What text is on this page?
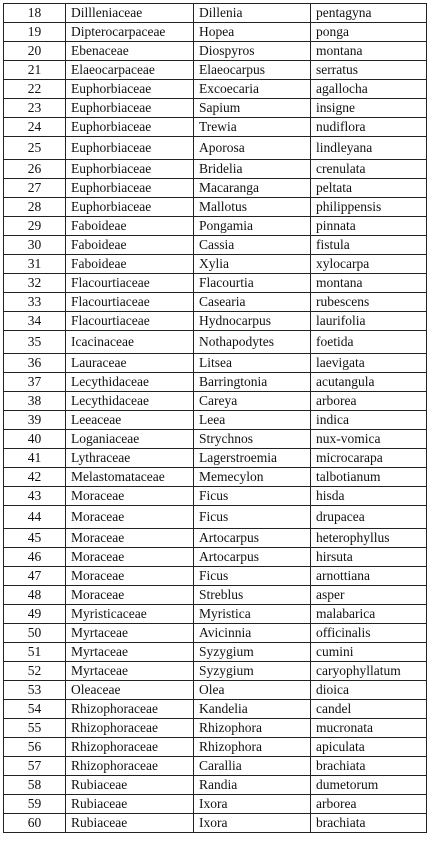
18	Dillleniaceae	Dillenia	pentagyna
19	Dipterocarpaceae	Hopea	ponga
20	Ebenaceae	Diospyros	montana
21	Elaeocarpaceae	Elaeocarpus	serratus
22	Euphorbiaceae	Excoecaria	agallocha
23	Euphorbiaceae	Sapium	insigne
24	Euphorbiaceae	Trewia	nudiflora
25	Euphorbiaceae	Aporosa	lindleyana
26	Euphorbiaceae	Bridelia	crenulata
27	Euphorbiaceae	Macaranga	peltata
28	Euphorbiaceae	Mallotus	philippensis
29	Faboideae	Pongamia	pinnata
30	Faboideae	Cassia	fistula
31	Faboideae	Xylia	xylocarpa
32	Flacourtiaceae	Flacourtia	montana
33	Flacourtiaceae	Casearia	rubescens
34	Flacourtiaceae	Hydnocarpus	laurifolia
35	Icacinaceae	Nothapodytes	foetida
36	Lauraceae	Litsea	laevigata
37	Lecythidaceae	Barringtonia	acutangula
38	Lecythidaceae	Careya	arborea
39	Leeaceae	Leea	indica
40	Loganiaceae	Strychnos	nux-vomica
41	Lythraceae	Lagerstroemia	microcarapa
42	Melastomataceae	Memecylon	talbotianum
43	Moraceae	Ficus	hisda
44	Moraceae	Ficus	drupacea
45	Moraceae	Artocarpus	heterophyllus
46	Moraceae	Artocarpus	hirsuta
47	Moraceae	Ficus	arnottiana
48	Moraceae	Streblus	asper
49	Myristicaceae	Myristica	malabarica
50	Myrtaceae	Avicinnia	officinalis
51	Myrtaceae	Syzygium	cumini
52	Myrtaceae	Syzygium	caryophyllatum
53	Oleaceae	Olea	dioica
54	Rhizophoraceae	Kandelia	candel
55	Rhizophoraceae	Rhizophora	mucronata
56	Rhizophoraceae	Rhizophora	apiculata
57	Rhizophoraceae	Carallia	brachiata
58	Rubiaceae	Randia	dumetorum
59	Rubiaceae	Ixora	arborea
60	Rubiaceae	Ixora	brachiata
